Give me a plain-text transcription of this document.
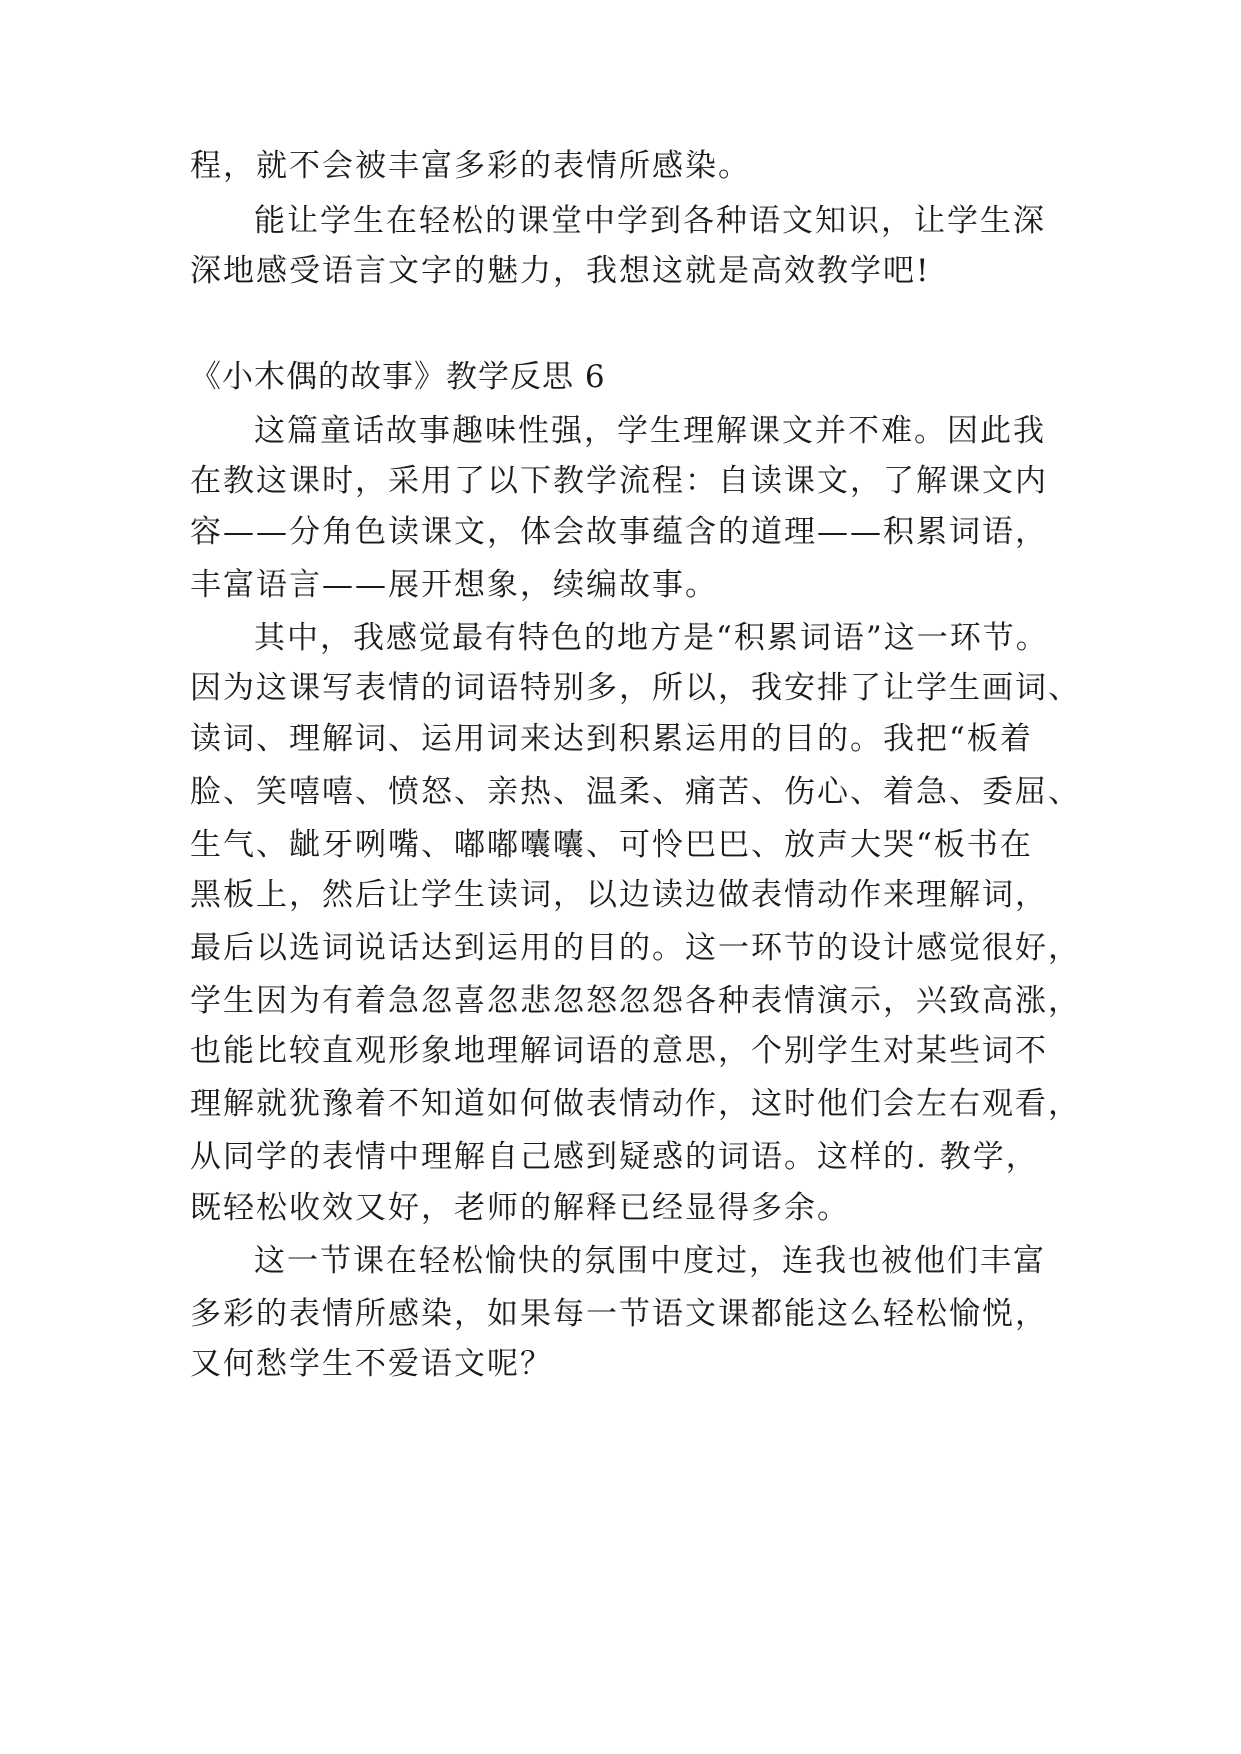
程，就不会被丰富多彩的表情所感染。

能让学生在轻松的课堂中学到各种语文知识，让学生深

深地感受语言文字的魅力，我想这就是高效教学吧!

《小木偶的故事》教学反思 6

这篇童话故事趣味性强，学生理解课文并不难。因此我

在教这课时，采用了以下教学流程：自读课文，了解课文内

容——分角色读课文，体会故事蕴含的道理——积累词语，

丰富语言——展开想象，续编故事。

其中，我感觉最有特色的地方是“积累词语”这一环节。

因为这课写表情的词语特别多，所以，我安排了让学生画词、

读词、理解词、运用词来达到积累运用的目的。我把“板着

脸、笑嘻嘻、愤怒、亲热、温柔、痛苦、伤心、着急、委屈、

生气、龇牙咧嘴、嘟嘟囔囔、可怜巴巴、放声大哭“板书在

黑板上，然后让学生读词，以边读边做表情动作来理解词，

最后以选词说话达到运用的目的。这一环节的设计感觉很好，

学生因为有着急忽喜忽悲忽怒忽怨各种表情演示，兴致高涨，

也能比较直观形象地理解词语的意思，个别学生对某些词不

理解就犹豫着不知道如何做表情动作，这时他们会左右观看，

从同学的表情中理解自己感到疑惑的词语。这样的. 教学，

既轻松收效又好，老师的解释已经显得多余。

这一节课在轻松愉快的氛围中度过，连我也被他们丰富

多彩的表情所感染，如果每一节语文课都能这么轻松愉悦，

又何愁学生不爱语文呢？
